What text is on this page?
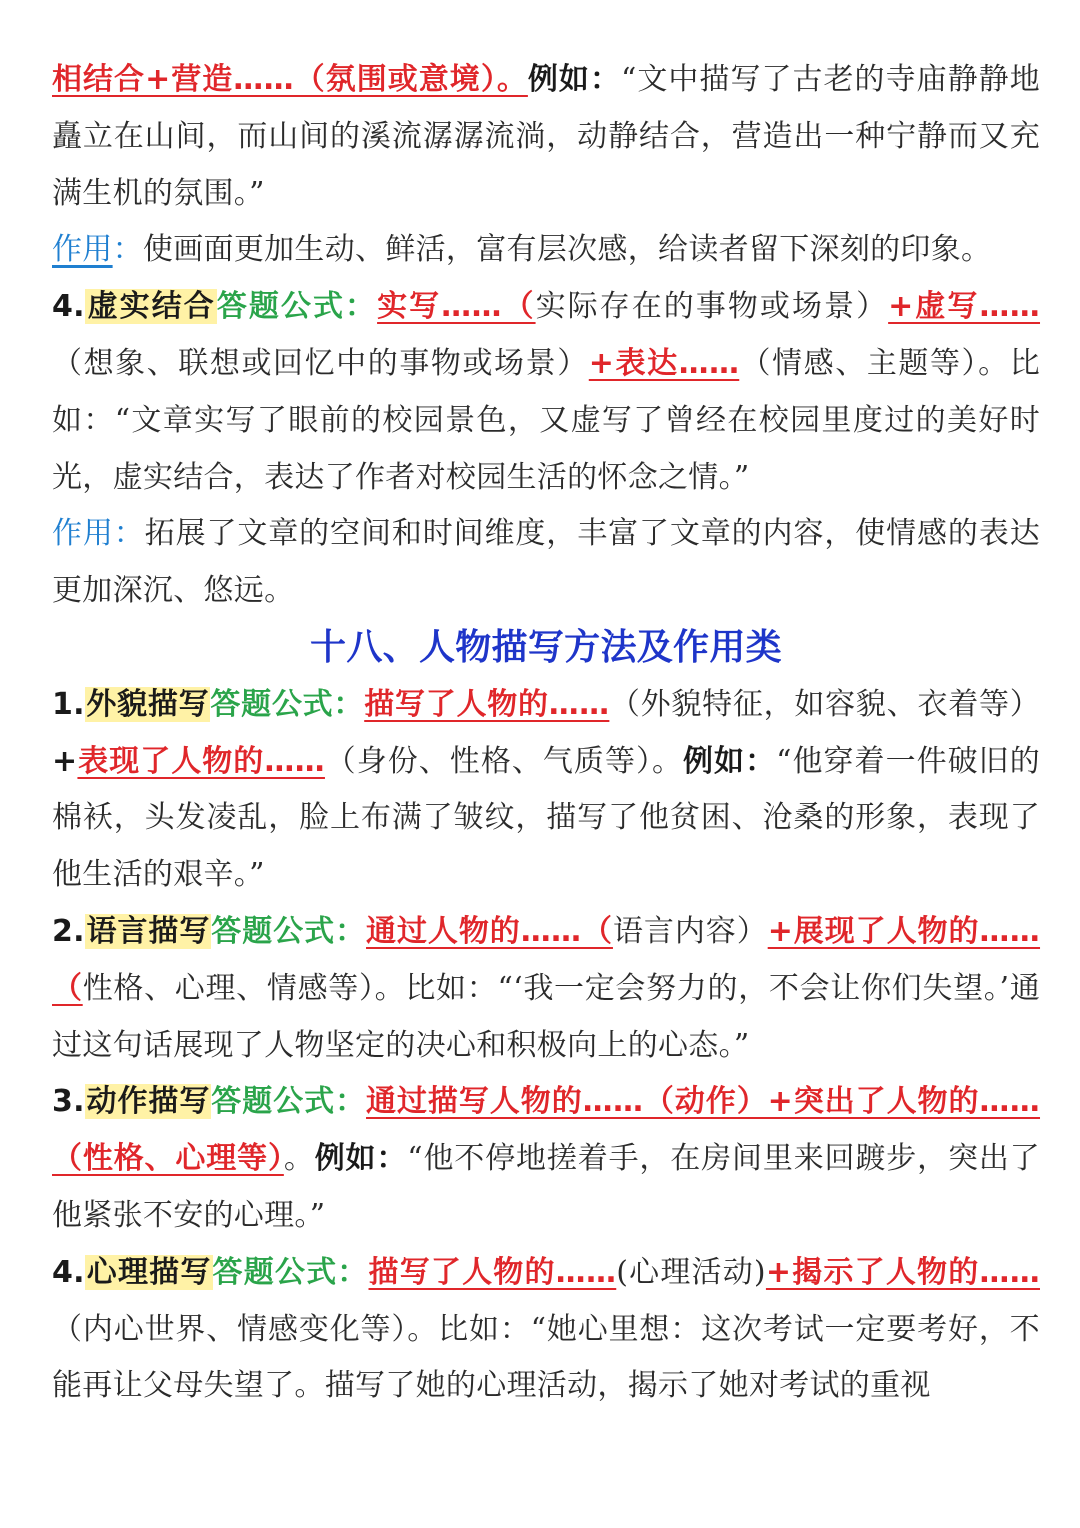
相结合+营造……（氛围或意境）。例如：“文中描写了古老的寺庙静静地矗立在山间，而山间的溪流潺潺流淌，动静结合，营造出一种宁静而又充满生机的氛围。”

作用：使画面更加生动、鲜活，富有层次感，给读者留下深刻的印象。

4.虚实结合答题公式：实写……（实际存在的事物或场景）+虚写……（想象、联想或回忆中的事物或场景）+表达……（情感、主题等）。比如：“文章实写了眼前的校园景色，又虚写了曾经在校园里度过的美好时光，虚实结合，表达了作者对校园生活的怀念之情。”

作用：拓展了文章的空间和时间维度，丰富了文章的内容，使情感的表达更加深沉、悠远。

十八、人物描写方法及作用类

1.外貌描写答题公式：描写了人物的……（外貌特征，如容貌、衣着等）+表现了人物的……（身份、性格、气质等）。例如：“他穿着一件破旧的棉袄，头发凌乱，脸上布满了皱纹，描写了他贫困、沧桑的形象，表现了他生活的艰辛。”

2.语言描写答题公式：通过人物的……（语言内容）+展现了人物的……（性格、心理、情感等）。比如：“‘我一定会努力的，不会让你们失望。’通过这句话展现了人物坚定的决心和积极向上的心态。”

3.动作描写答题公式：通过描写人物的……（动作）+突出了人物的……（性格、心理等）。例如：“他不停地搓着手，在房间里来回踱步，突出了他紧张不安的心理。”

4.心理描写答题公式：描写了人物的……(心理活动)+揭示了人物的……（内心世界、情感变化等）。比如：“她心里想：这次考试一定要考好，不能再让父母失望了。描写了她的心理活动，揭示了她对考试的重视
